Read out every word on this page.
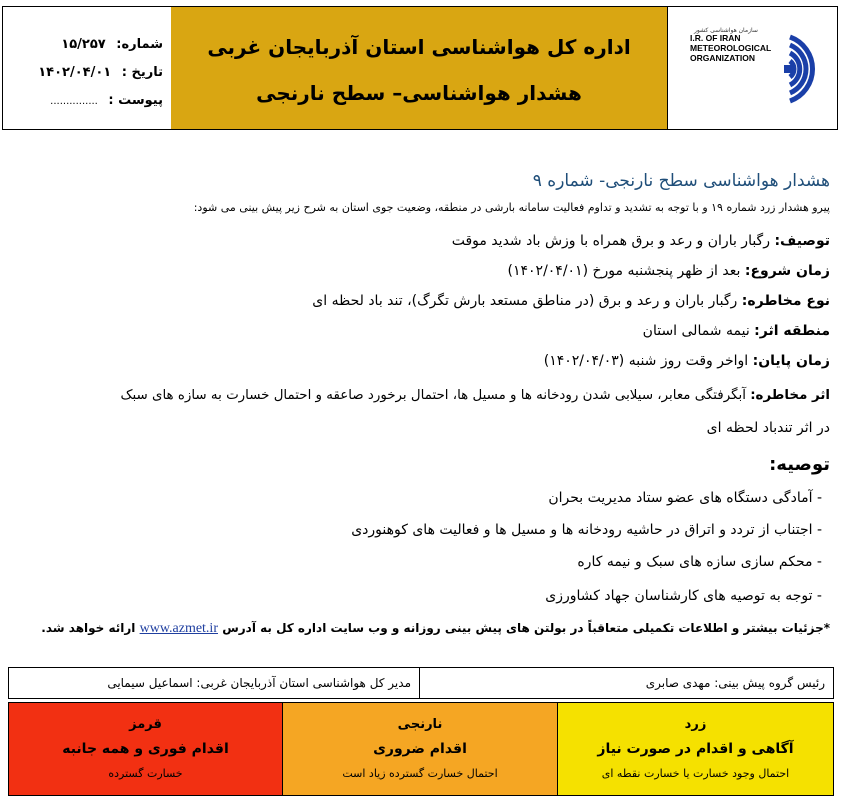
شماره: ۱۵/۲۵۷
تاریخ : ۱۴۰۲/۰۴/۰۱
پیوست : ...............
اداره کل هواشناسی استان آذربایجان غربی
هشدار هواشناسی– سطح نارنجی
سازمان هواشناسی کشور
I.R. OF IRAN
METEOROLOGICAL
ORGANIZATION
هشدار هواشناسی سطح نارنجی- شماره ۹
پیرو هشدار زرد شماره ۱۹ و با توجه به تشدید و تداوم فعالیت سامانه بارشی در منطقه، وضعیت جوی استان به شرح زیر پیش بینی می شود:
توصیف: رگبار باران و رعد و برق همراه با وزش باد شدید موقت
زمان شروع: بعد از ظهر پنجشنبه مورخ (۱۴۰۲/۰۴/۰۱)
نوع مخاطره: رگبار باران و رعد و برق (در مناطق مستعد بارش تگرگ)، تند باد لحظه ای
منطقه اثر: نیمه شمالی استان
زمان پایان: اواخر وقت روز شنبه (۱۴۰۲/۰۴/۰۳)
اثر مخاطره: آبگرفتگی معابر، سیلابی شدن رودخانه ها و مسیل ها، احتمال برخورد صاعقه و احتمال خسارت به سازه های سبک
در اثر تندباد لحظه ای
توصیه:
- آمادگی دستگاه های عضو ستاد مدیریت بحران
- اجتناب از تردد و اتراق در حاشیه رودخانه ها و مسیل ها و فعالیت های کوهنوردی
- محکم سازی سازه های سبک و نیمه کاره
- توجه به توصیه های کارشناسان جهاد کشاورزی
*جزئیات بیشتر و اطلاعات تکمیلی متعاقباً در بولتن های پیش بینی روزانه و وب سایت اداره کل به آدرس www.azmet.ir ارائه خواهد شد.
رئیس گروه پیش بینی: مهدی صابری
مدیر کل هواشناسی استان آذربایجان غربی: اسماعیل سیمایی
زرد
آگاهی و اقدام در صورت نیاز
احتمال وجود خسارت یا خسارت نقطه ای
نارنجی
اقدام ضروری
احتمال خسارت گسترده زیاد است
قرمز
اقدام فوری و همه جانبه
خسارت گسترده
